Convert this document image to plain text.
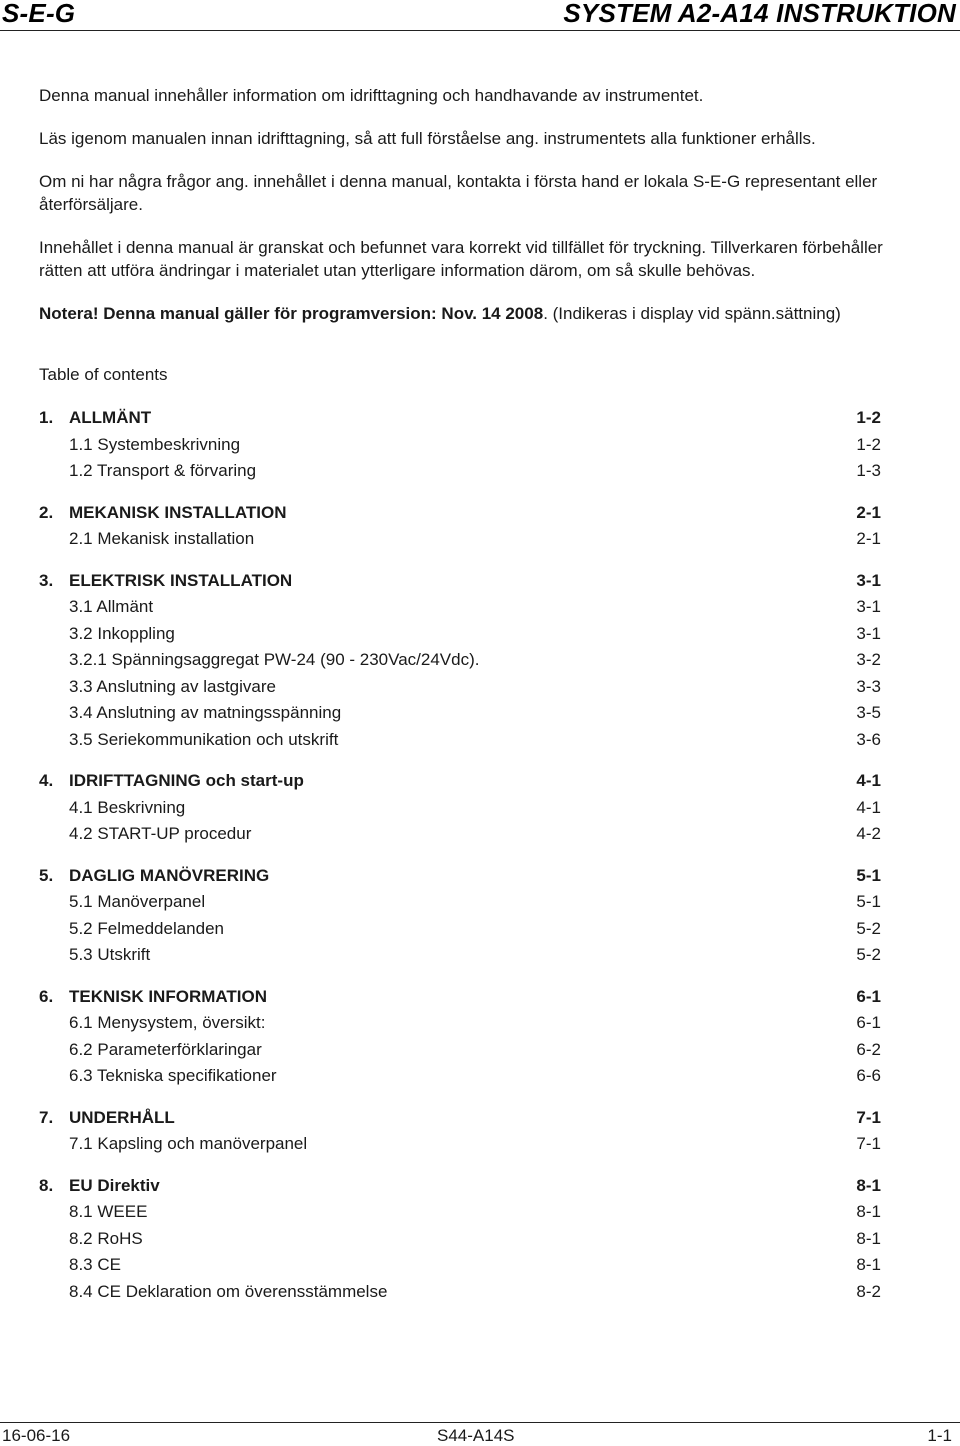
S-E-G	SYSTEM A2-A14 INSTRUKTION

Denna manual innehåller information om idrifttagning och handhavande av instrumentet.

Läs igenom manualen innan idrifttagning, så att full förståelse ang. instrumentets alla funktioner erhålls.

Om ni har några frågor ang. innehållet i denna manual, kontakta i första hand er lokala S-E-G representant eller återförsäljare.

Innehållet i denna manual är granskat och befunnet vara korrekt vid tillfället för tryckning. Tillverkaren förbehåller rätten att utföra ändringar i materialet utan ytterligare information därom, om så skulle behövas.

Notera! Denna manual gäller för programversion: Nov. 14 2008. (Indikeras i display vid spänn.sättning)

Table of contents
1. ALLMÄNT	1-2
1.1 Systembeskrivning	1-2
1.2 Transport & förvaring	1-3
2. MEKANISK INSTALLATION	2-1
2.1 Mekanisk installation	2-1
3. ELEKTRISK INSTALLATION	3-1
3.1 Allmänt	3-1
3.2 Inkoppling	3-1
3.2.1 Spänningsaggregat PW-24 (90 - 230Vac/24Vdc).	3-2
3.3 Anslutning av lastgivare	3-3
3.4 Anslutning av matningsspänning	3-5
3.5 Seriekommunikation och utskrift	3-6
4. IDRIFTTAGNING och start-up	4-1
4.1 Beskrivning	4-1
4.2 START-UP procedur	4-2
5. DAGLIG MANÖVRERING	5-1
5.1 Manöverpanel	5-1
5.2 Felmeddelanden	5-2
5.3 Utskrift	5-2
6. TEKNISK INFORMATION	6-1
6.1 Menysystem, översikt:	6-1
6.2 Parameterförklaringar	6-2
6.3 Tekniska specifikationer	6-6
7. UNDERHÅLL	7-1
7.1 Kapsling och manöverpanel	7-1
8. EU Direktiv	8-1
8.1 WEEE	8-1
8.2 RoHS	8-1
8.3 CE	8-1
8.4 CE Deklaration om överensstämmelse	8-2
16-06-16	S44-A14S	1-1
